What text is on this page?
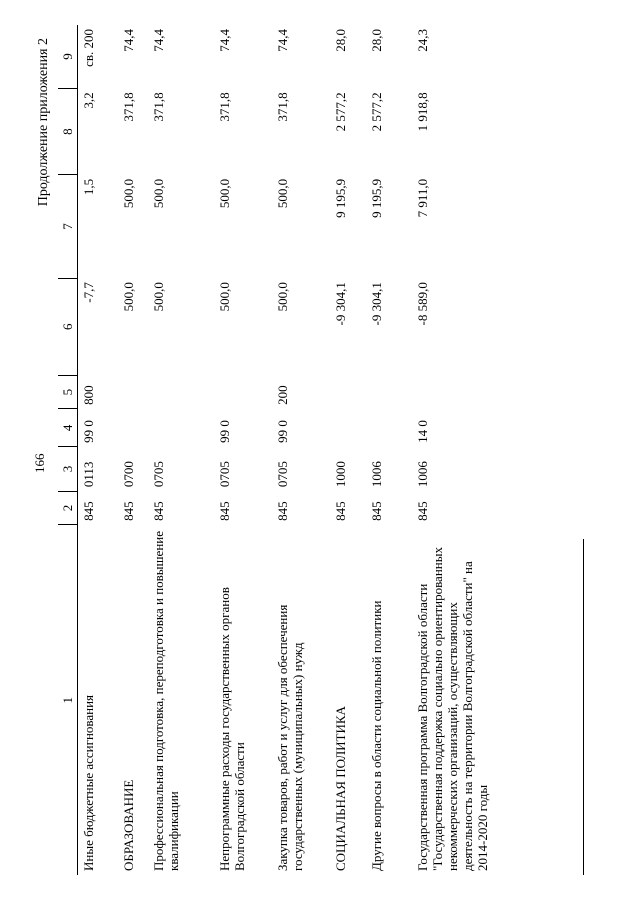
166
Продолжение приложения 2
1	2	3	4	5	6	7	8	9
Иные бюджетные ассигнования	845	0113	99 0	800	-7,7	1,5	3,2	св. 200
ОБРАЗОВАНИЕ	845	0700			500,0	500,0	371,8	74,4
Профессиональная подготовка, переподготовка и повышение квалификации	845	0705			500,0	500,0	371,8	74,4
Непрограммные расходы государственных органов Волгоградской области	845	0705	99 0		500,0	500,0	371,8	74,4
Закупка товаров, работ и услуг для обеспечения государственных (муниципальных) нужд	845	0705	99 0	200	500,0	500,0	371,8	74,4
СОЦИАЛЬНАЯ ПОЛИТИКА	845	1000			-9 304,1	9 195,9	2 577,2	28,0
Другие вопросы в области социальной политики	845	1006			-9 304,1	9 195,9	2 577,2	28,0
Государственная программа Волгоградской области "Государственная поддержка социально ориентированных некоммерческих организаций, осуществляющих деятельность на территории Волгоградской области" на 2014-2020 годы	845	1006	14 0		-8 589,0	7 911,0	1 918,8	24,3
